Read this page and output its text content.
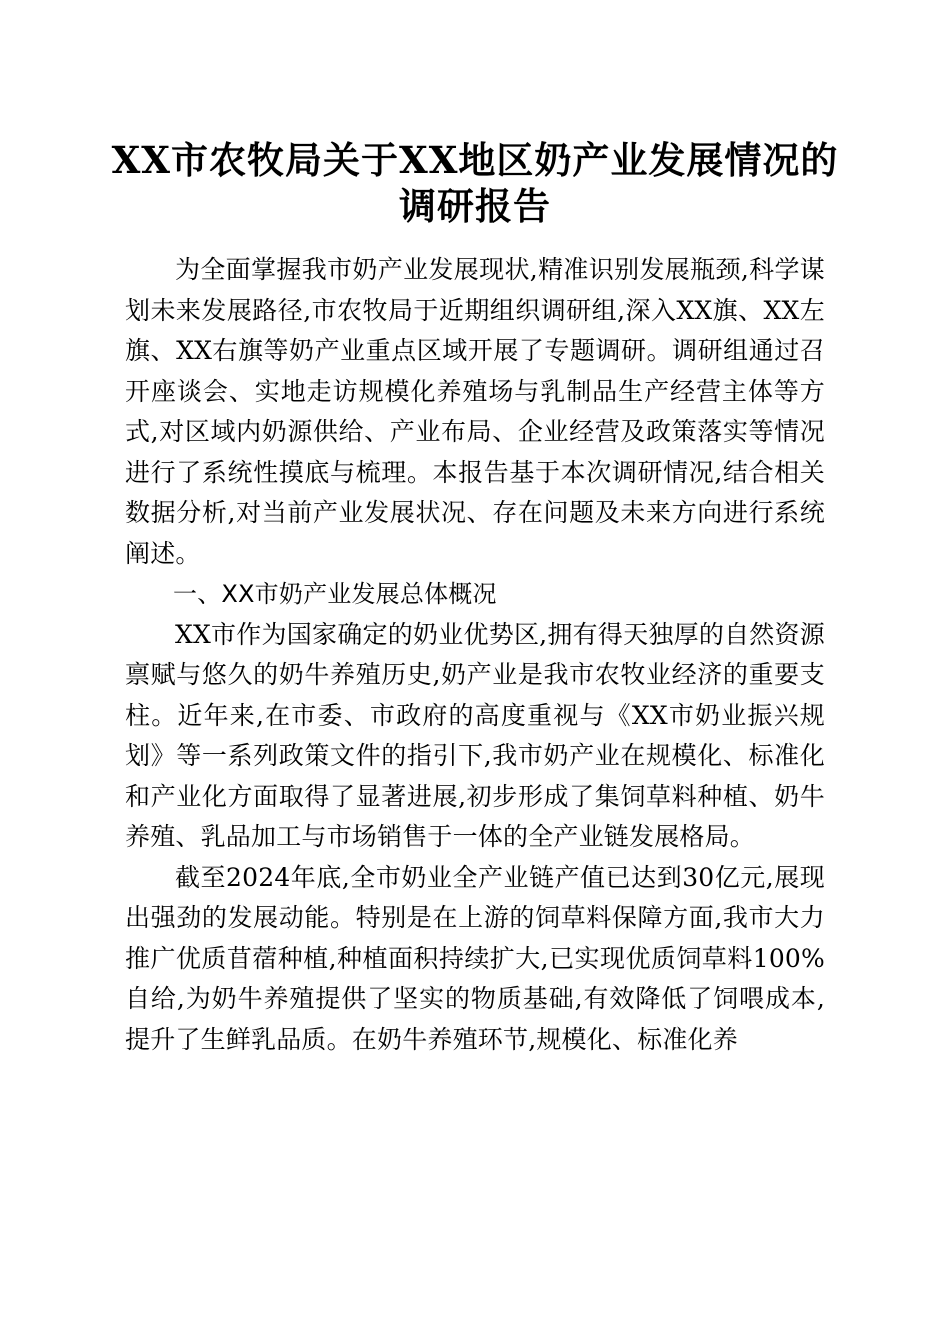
XX市农牧局关于XX地区奶产业发展情况的
调研报告

为全面掌握我市奶产业发展现状,精准识别发展瓶颈,科学谋划未来发展路径,市农牧局于近期组织调研组,深入XX旗、XX左旗、XX右旗等奶产业重点区域开展了专题调研。调研组通过召开座谈会、实地走访规模化养殖场与乳制品生产经营主体等方式,对区域内奶源供给、产业布局、企业经营及政策落实等情况进行了系统性摸底与梳理。本报告基于本次调研情况,结合相关数据分析,对当前产业发展状况、存在问题及未来方向进行系统阐述。

一、XX市奶产业发展总体概况

XX市作为国家确定的奶业优势区,拥有得天独厚的自然资源禀赋与悠久的奶牛养殖历史,奶产业是我市农牧业经济的重要支柱。近年来,在市委、市政府的高度重视与《XX市奶业振兴规划》等一系列政策文件的指引下,我市奶产业在规模化、标准化和产业化方面取得了显著进展,初步形成了集饲草料种植、奶牛养殖、乳品加工与市场销售于一体的全产业链发展格局。

截至2024年底,全市奶业全产业链产值已达到30亿元,展现出强劲的发展动能。特别是在上游的饲草料保障方面,我市大力推广优质苜蓿种植,种植面积持续扩大,已实现优质饲草料100%自给,为奶牛养殖提供了坚实的物质基础,有效降低了饲喂成本,提升了生鲜乳品质。在奶牛养殖环节,规模化、标准化养
